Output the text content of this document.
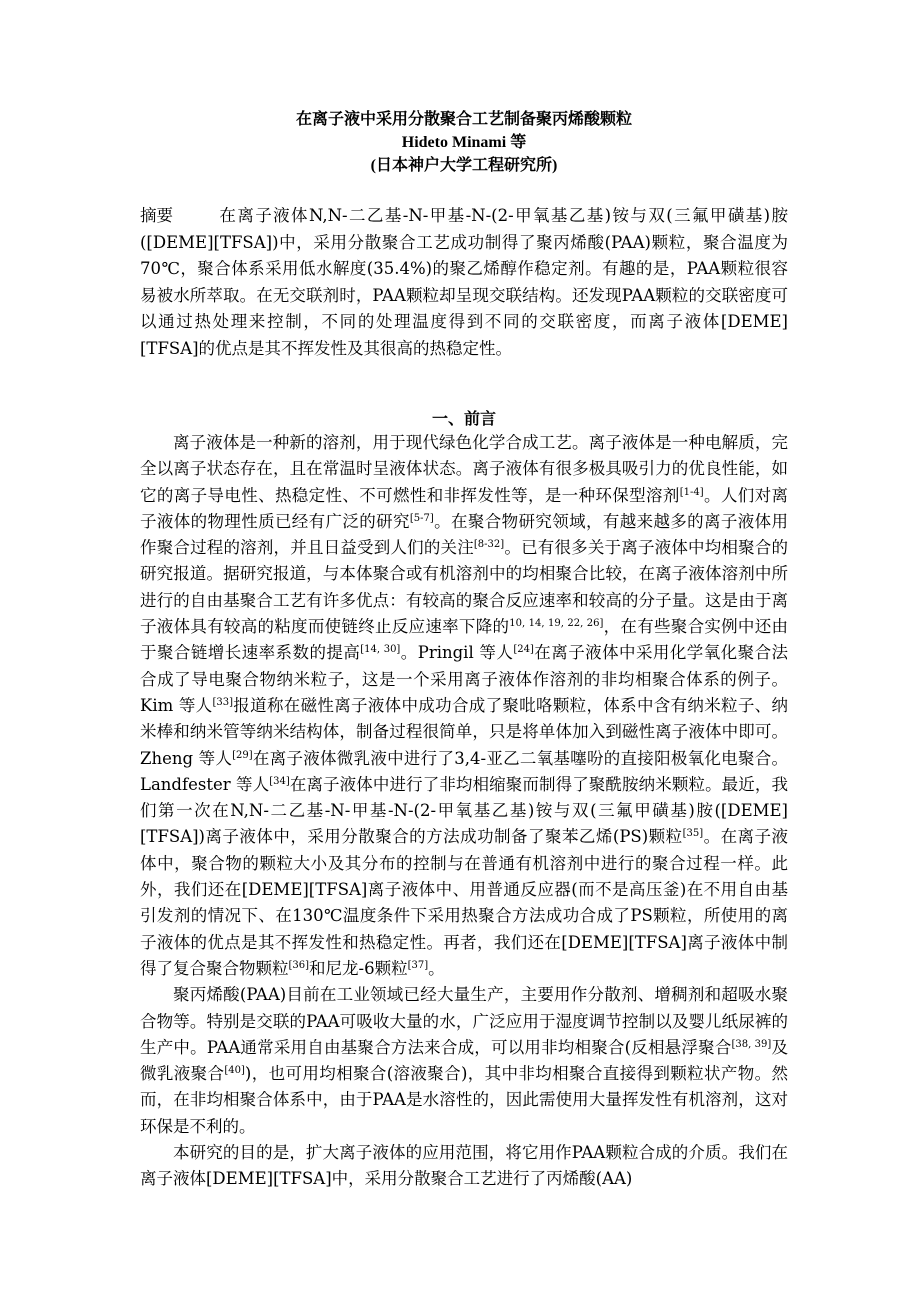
在离子液中采用分散聚合工艺制备聚丙烯酸颗粒
Hideto Minami 等
(日本神户大学工程研究所)
摘要	在离子液体N,N-二乙基-N-甲基-N-(2-甲氧基乙基)铵与双(三氟甲磺基)胺([DEME][TFSA])中，采用分散聚合工艺成功制得了聚丙烯酸(PAA)颗粒，聚合温度为70℃，聚合体系采用低水解度(35.4%)的聚乙烯醇作稳定剂。有趣的是，PAA颗粒很容易被水所萃取。在无交联剂时，PAA颗粒却呈现交联结构。还发现PAA颗粒的交联密度可以通过热处理来控制，不同的处理温度得到不同的交联密度，而离子液体[DEME][TFSA]的优点是其不挥发性及其很高的热稳定性。
一、前言

离子液体是一种新的溶剂，用于现代绿色化学合成工艺。离子液体是一种电解质，完全以离子状态存在，且在常温时呈液体状态。离子液体有很多极具吸引力的优良性能，如它的离子导电性、热稳定性、不可燃性和非挥发性等，是一种环保型溶剂[1-4]。人们对离子液体的物理性质已经有广泛的研究[5-7]。在聚合物研究领域，有越来越多的离子液体用作聚合过程的溶剂，并且日益受到人们的关注[8-32]。已有很多关于离子液体中均相聚合的研究报道。据研究报道，与本体聚合或有机溶剂中的均相聚合比较，在离子液体溶剂中所进行的自由基聚合工艺有许多优点：有较高的聚合反应速率和较高的分子量。这是由于离子液体具有较高的粘度而使链终止反应速率下降的$^{10, 14, 19, 22, 26]}$，在有些聚合实例中还由于聚合链增长速率系数的提高[14, 30]。Pringil 等人[24]在离子液体中采用化学氧化聚合法合成了导电聚合物纳米粒子，这是一个采用离子液体作溶剂的非均相聚合体系的例子。Kim 等人[33]报道称在磁性离子液体中成功合成了聚吡咯颗粒，体系中含有纳米粒子、纳米棒和纳米管等纳米结构体，制备过程很简单，只是将单体加入到磁性离子液体中即可。Zheng 等人[29]在离子液体微乳液中进行了3,4-亚乙二氧基噻吩的直接阳极氧化电聚合。Landfester 等人[34]在离子液体中进行了非均相缩聚而制得了聚酰胺纳米颗粒。最近，我们第一次在N,N-二乙基-N-甲基-N-(2-甲氧基乙基)铵与双(三氟甲磺基)胺([DEME][TFSA])离子液体中，采用分散聚合的方法成功制备了聚苯乙烯(PS)颗粒[35]。在离子液体中，聚合物的颗粒大小及其分布的控制与在普通有机溶剂中进行的聚合过程一样。此外，我们还在[DEME][TFSA]离子液体中、用普通反应器(而不是高压釜)在不用自由基引发剂的情况下、在130℃温度条件下采用热聚合方法成功合成了PS颗粒，所使用的离子液体的优点是其不挥发性和热稳定性。再者，我们还在[DEME][TFSA]离子液体中制得了复合聚合物颗粒[36]和尼龙-6颗粒[37]。

聚丙烯酸(PAA)目前在工业领域已经大量生产，主要用作分散剂、增稠剂和超吸水聚合物等。特别是交联的PAA可吸收大量的水，广泛应用于湿度调节控制以及婴儿纸尿裤的生产中。PAA通常采用自由基聚合方法来合成，可以用非均相聚合(反相悬浮聚合[38, 39]及微乳液聚合[40])，也可用均相聚合(溶液聚合)，其中非均相聚合直接得到颗粒状产物。然而，在非均相聚合体系中，由于PAA是水溶性的，因此需使用大量挥发性有机溶剂，这对环保是不利的。

本研究的目的是，扩大离子液体的应用范围，将它用作PAA颗粒合成的介质。我们在离子液体[DEME][TFSA]中，采用分散聚合工艺进行了丙烯酸(AA)
